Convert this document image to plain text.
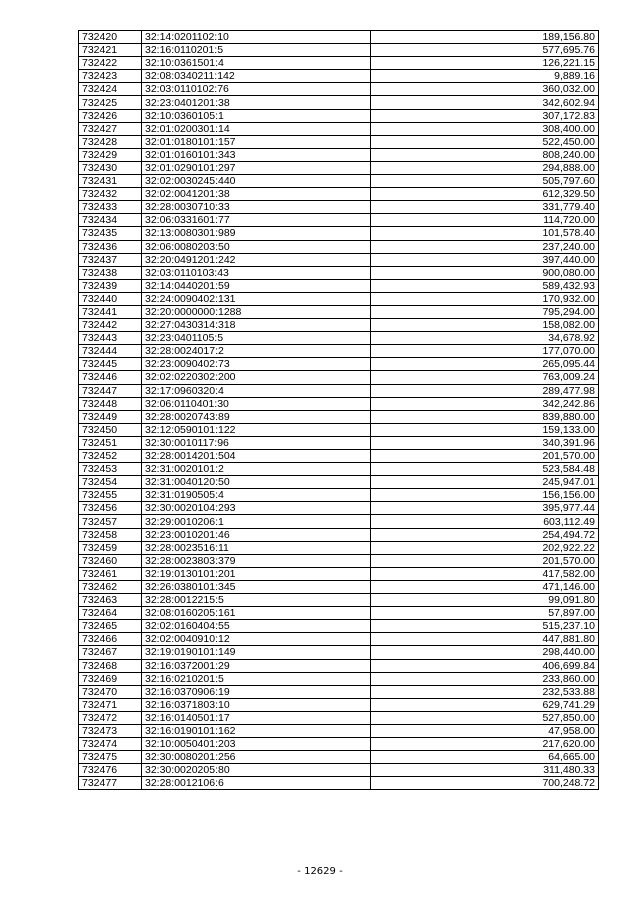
732420	32:14:0201102:10	189,156.80
732421	32:16:0110201:5	577,695.76
732422	32:10:0361501:4	126,221.15
732423	32:08:0340211:142	9,889.16
732424	32:03:0110102:76	360,032.00
732425	32:23:0401201:38	342,602.94
732426	32:10:0360105:1	307,172.83
732427	32:01:0200301:14	308,400.00
732428	32:01:0180101:157	522,450.00
732429	32:01:0160101:343	808,240.00
732430	32:01:0290101:297	294,888.00
732431	32:02:0030245:440	505,797.60
732432	32:02:0041201:38	612,329.50
732433	32:28:0030710:33	331,779.40
732434	32:06:0331601:77	114,720.00
732435	32:13:0080301:989	101,578.40
732436	32:06:0080203:50	237,240.00
732437	32:20:0491201:242	397,440.00
732438	32:03:0110103:43	900,080.00
732439	32:14:0440201:59	589,432.93
732440	32:24:0090402:131	170,932.00
732441	32:20:0000000:1288	795,294.00
732442	32:27:0430314:318	158,082.00
732443	32:23:0401105:5	34,678.92
732444	32:28:0024017:2	177,070.00
732445	32:23:0090402:73	265,095.44
732446	32:02:0220302:200	763,009.24
732447	32:17:0960320:4	289,477.98
732448	32:06:0110401:30	342,242.86
732449	32:28:0020743:89	839,880.00
732450	32:12:0590101:122	159,133.00
732451	32:30:0010117:96	340,391.96
732452	32:28:0014201:504	201,570.00
732453	32:31:0020101:2	523,584.48
732454	32:31:0040120:50	245,947.01
732455	32:31:0190505:4	156,156.00
732456	32:30:0020104:293	395,977.44
732457	32:29:0010206:1	603,112.49
732458	32:23:0010201:46	254,494.72
732459	32:28:0023516:11	202,922.22
732460	32:28:0023803:379	201,570.00
732461	32:19:0130101:201	417,582.00
732462	32:26:0380101:345	471,146.00
732463	32:28:0012215:5	99,091.80
732464	32:08:0160205:161	57,897.00
732465	32:02:0160404:55	515,237.10
732466	32:02:0040910:12	447,881.80
732467	32:19:0190101:149	298,440.00
732468	32:16:0372001:29	406,699.84
732469	32:16:0210201:5	233,860.00
732470	32:16:0370906:19	232,533.88
732471	32:16:0371803:10	629,741.29
732472	32:16:0140501:17	527,850.00
732473	32:16:0190101:162	47,958.00
732474	32:10:0050401:203	217,620.00
732475	32:30:0080201:256	64,665.00
732476	32:30:0020205:80	311,480.33
732477	32:28:0012106:6	700,248.72
- 12629 -
